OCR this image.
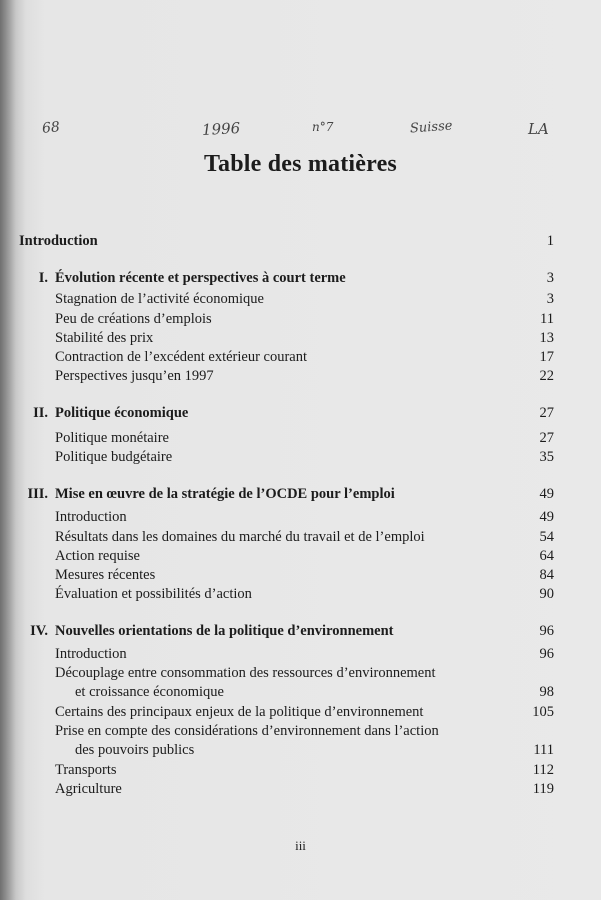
68	1996	n°7	Suisse	LA
Table des matières
Introduction	1
I. Évolution récente et perspectives à court terme	3
Stagnation de l’activité économique	3
Peu de créations d’emplois	11
Stabilité des prix	13
Contraction de l’excédent extérieur courant	17
Perspectives jusqu’en 1997	22
II. Politique économique	27
Politique monétaire	27
Politique budgétaire	35
III. Mise en œuvre de la stratégie de l’OCDE pour l’emploi	49
Introduction	49
Résultats dans les domaines du marché du travail et de l’emploi	54
Action requise	64
Mesures récentes	84
Évaluation et possibilités d’action	90
IV. Nouvelles orientations de la politique d’environnement	96
Introduction	96
Découplage entre consommation des ressources d’environnement
et croissance économique	98
Certains des principaux enjeux de la politique d’environnement	105
Prise en compte des considérations d’environnement dans l’action
des pouvoirs publics	111
Transports	112
Agriculture	119
iii
